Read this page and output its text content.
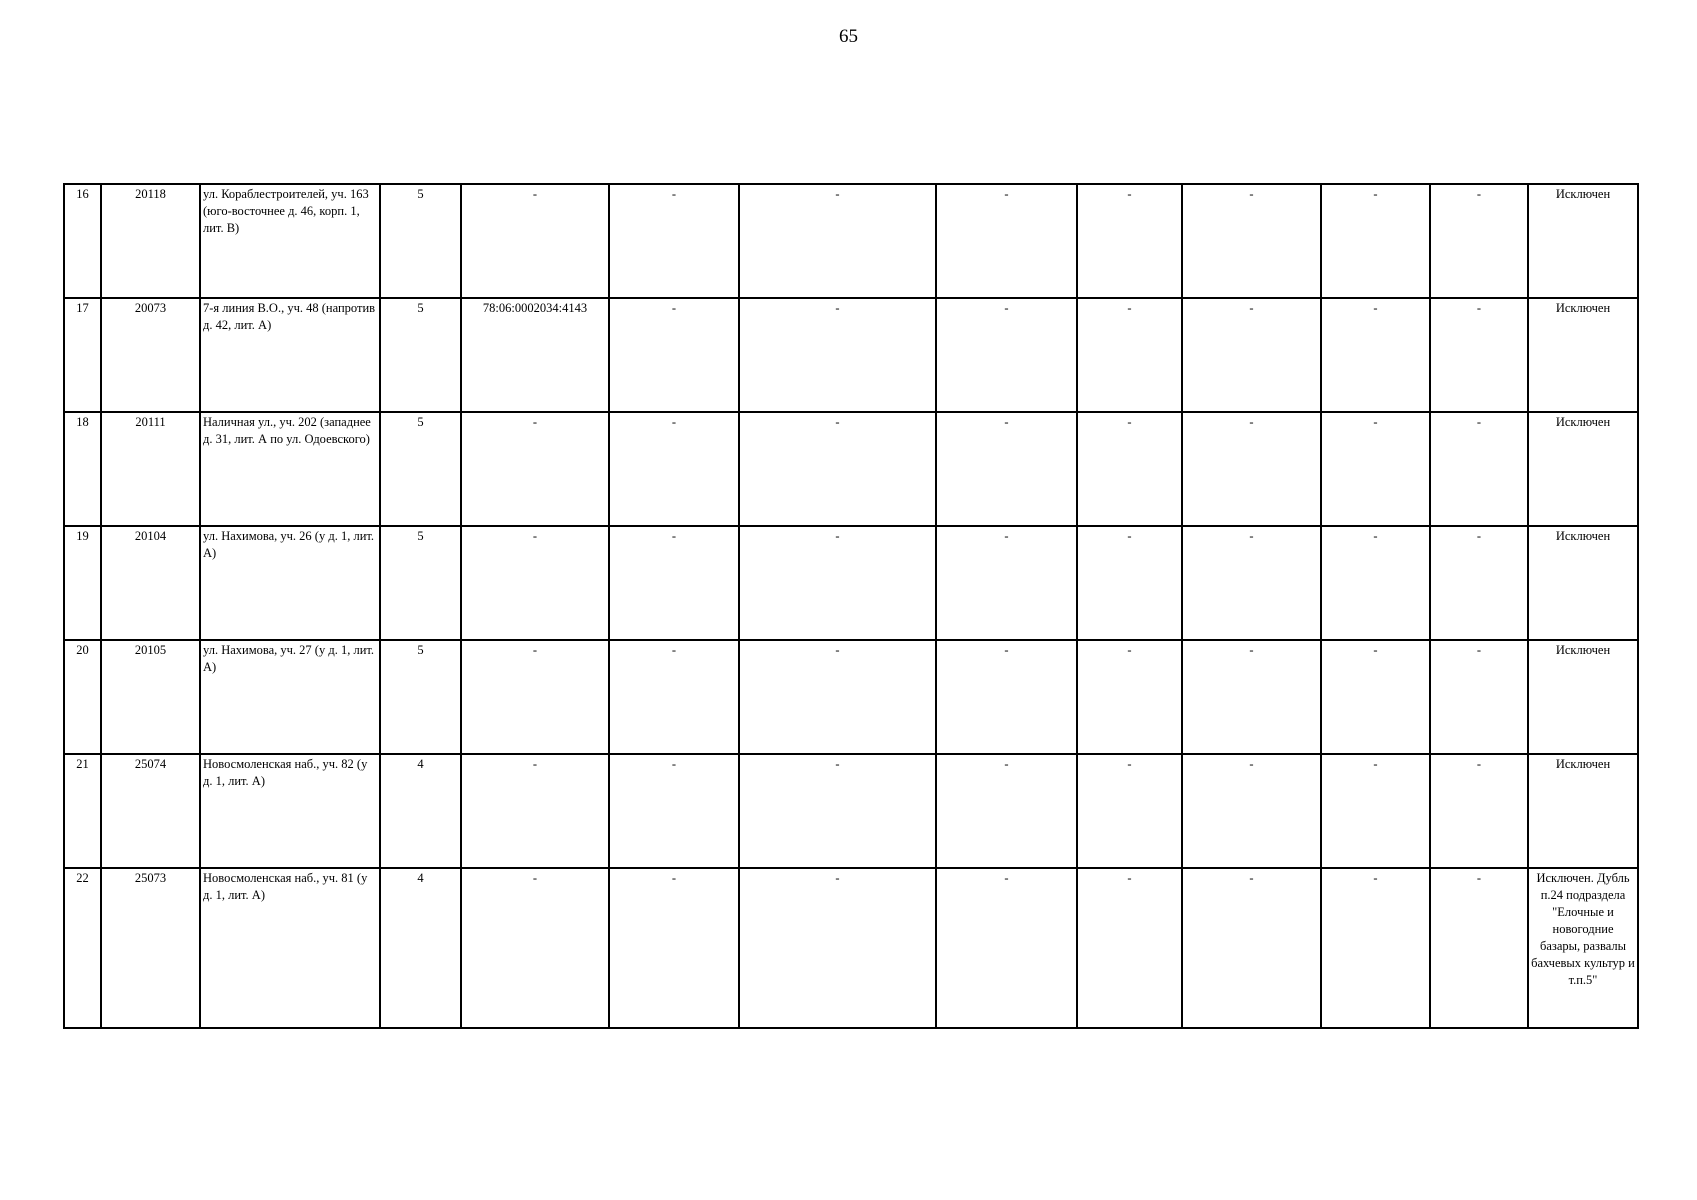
65
16	20118	ул. Кораблестроителей, уч. 163 (юго-восточнее д. 46, корп. 1, лит. В)	5	-	-	-	-	-	-	-	-	Исключен
17	20073	7-я линия В.О., уч. 48 (напротив д. 42, лит. А)	5	78:06:0002034:4143	-	-	-	-	-	-	-	Исключен
18	20111	Наличная ул., уч. 202 (западнее д. 31, лит. А по ул. Одоевского)	5	-	-	-	-	-	-	-	-	Исключен
19	20104	ул. Нахимова, уч. 26 (у д. 1, лит. А)	5	-	-	-	-	-	-	-	-	Исключен
20	20105	ул. Нахимова, уч. 27 (у д. 1, лит. А)	5	-	-	-	-	-	-	-	-	Исключен
21	25074	Новосмоленская наб., уч. 82 (у д. 1, лит. А)	4	-	-	-	-	-	-	-	-	Исключен
22	25073	Новосмоленская наб., уч. 81 (у д. 1, лит. А)	4	-	-	-	-	-	-	-	-	Исключен. Дубль п.24 подраздела "Елочные и новогодние базары, развалы бахчевых культур и т.п.5"
